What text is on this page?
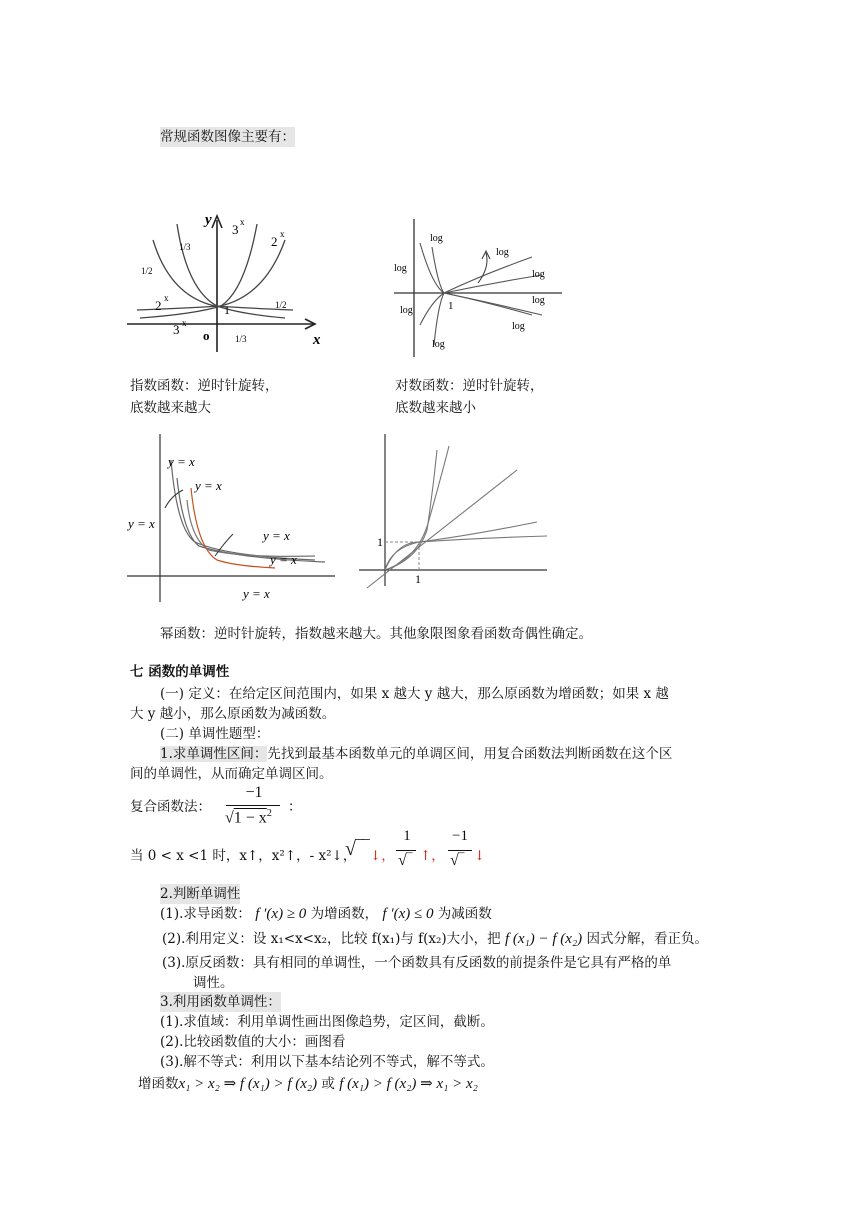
常规函数图像主要有：
y
x
o
1
3 x
2 x
2 x
3 x
1/2
1/3
1/2
1/3
1
log
log
log
log
log
log
log
log
指数函数：逆时针旋转，
底数越来越大
对数函数：逆时针旋转，
底数越来越小
y = x
y = x
y = x
y = x
y = x
y = x
1
1
幂函数：逆时针旋转，指数越来越大。其他象限图象看函数奇偶性确定。
七 函数的单调性
(一) 定义：在给定区间范围内，如果 x 越大 y 越大，那么原函数为增函数；如果 x 越
大 y 越小，那么原函数为减函数。
(二) 单调性题型：
1.求单调性区间：先找到最基本函数单元的单调区间，用复合函数法判断函数在这个区
间的单调性，从而确定单调区间。
复合函数法：
−1
$√1 - x^2$ ：
当 0 < x <1 时，x↑，x²↑，- x²↓，
√‾‾ ↓，
1
√‾ ↑，
−1
√‾ ↓
2.判断单调性
(1).求导函数： f ′(x) ≥ 0 为增函数， f ′(x) ≤ 0 为减函数
(2).利用定义：设 x₁<x<x₂，比较 f(x₁)与 f(x₂)大小，把 f (x₁) − f (x₂) 因式分解，看正负。
(3).原反函数：具有相同的单调性，一个函数具有反函数的前提条件是它具有严格的单
调性。
3.利用函数单调性：
(1).求值域：利用单调性画出图像趋势，定区间，截断。
(2).比较函数值的大小：画图看
(3).解不等式：利用以下基本结论列不等式，解不等式。
增函数x₁ > x₂ ⇒ f (x₁) > f (x₂) 或 f (x₁) > f (x₂) ⇒ x₁ > x₂
